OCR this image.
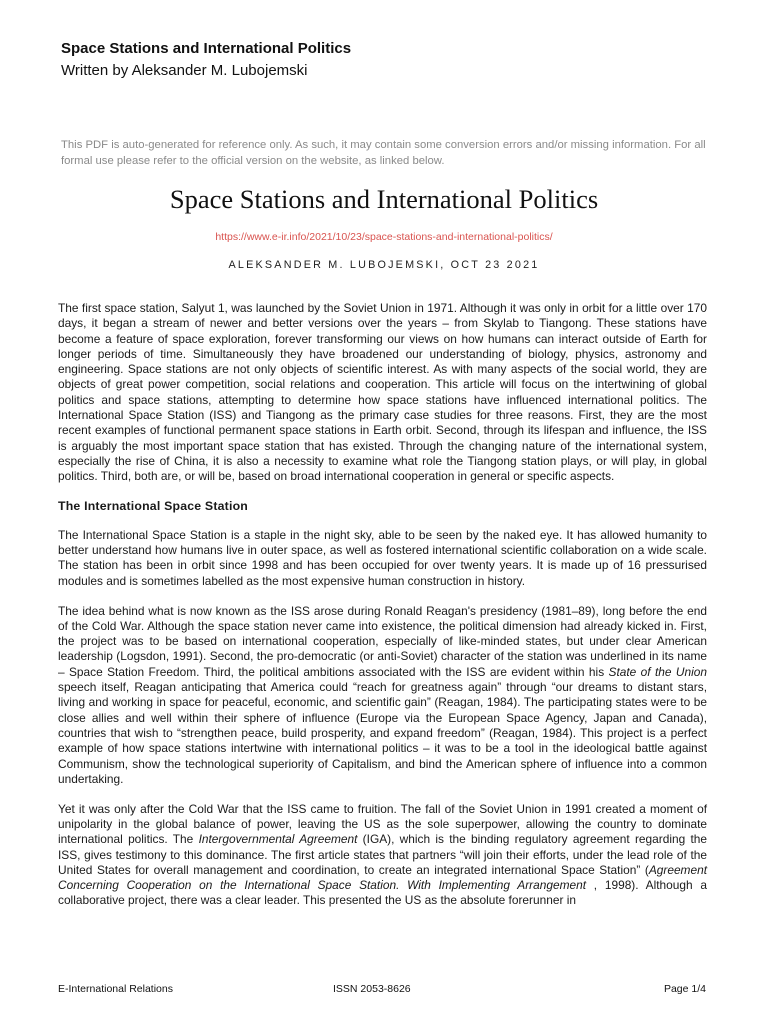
Space Stations and International Politics
Written by Aleksander M. Lubojemski
This PDF is auto-generated for reference only. As such, it may contain some conversion errors and/or missing information. For all formal use please refer to the official version on the website, as linked below.
Space Stations and International Politics
https://www.e-ir.info/2021/10/23/space-stations-and-international-politics/
ALEKSANDER M. LUBOJEMSKI, OCT 23 2021

The first space station, Salyut 1, was launched by the Soviet Union in 1971. Although it was only in orbit for a little over 170 days, it began a stream of newer and better versions over the years – from Skylab to Tiangong. These stations have become a feature of space exploration, forever transforming our views on how humans can interact outside of Earth for longer periods of time. Simultaneously they have broadened our understanding of biology, physics, astronomy and engineering. Space stations are not only objects of scientific interest. As with many aspects of the social world, they are objects of great power competition, social relations and cooperation. This article will focus on the intertwining of global politics and space stations, attempting to determine how space stations have influenced international politics. The International Space Station (ISS) and Tiangong as the primary case studies for three reasons. First, they are the most recent examples of functional permanent space stations in Earth orbit. Second, through its lifespan and influence, the ISS is arguably the most important space station that has existed. Through the changing nature of the international system, especially the rise of China, it is also a necessity to examine what role the Tiangong station plays, or will play, in global politics. Third, both are, or will be, based on broad international cooperation in general or specific aspects.

The International Space Station

The International Space Station is a staple in the night sky, able to be seen by the naked eye. It has allowed humanity to better understand how humans live in outer space, as well as fostered international scientific collaboration on a wide scale. The station has been in orbit since 1998 and has been occupied for over twenty years. It is made up of 16 pressurised modules and is sometimes labelled as the most expensive human construction in history.

The idea behind what is now known as the ISS arose during Ronald Reagan's presidency (1981–89), long before the end of the Cold War. Although the space station never came into existence, the political dimension had already kicked in. First, the project was to be based on international cooperation, especially of like-minded states, but under clear American leadership (Logsdon, 1991). Second, the pro-democratic (or anti-Soviet) character of the station was underlined in its name – Space Station Freedom. Third, the political ambitions associated with the ISS are evident within his State of the Union speech itself, Reagan anticipating that America could “reach for greatness again” through “our dreams to distant stars, living and working in space for peaceful, economic, and scientific gain” (Reagan, 1984). The participating states were to be close allies and well within their sphere of influence (Europe via the European Space Agency, Japan and Canada), countries that wish to “strengthen peace, build prosperity, and expand freedom” (Reagan, 1984). This project is a perfect example of how space stations intertwine with international politics – it was to be a tool in the ideological battle against Communism, show the technological superiority of Capitalism, and bind the American sphere of influence into a common undertaking.

Yet it was only after the Cold War that the ISS came to fruition. The fall of the Soviet Union in 1991 created a moment of unipolarity in the global balance of power, leaving the US as the sole superpower, allowing the country to dominate international politics. The Intergovernmental Agreement (IGA), which is the binding regulatory agreement regarding the ISS, gives testimony to this dominance. The first article states that partners “will join their efforts, under the lead role of the United States for overall management and coordination, to create an integrated international Space Station” (Agreement Concerning Cooperation on the International Space Station. With Implementing Arrangement , 1998). Although a collaborative project, there was a clear leader. This presented the US as the absolute forerunner in

E-International Relations	ISSN 2053-8626	Page 1/4
